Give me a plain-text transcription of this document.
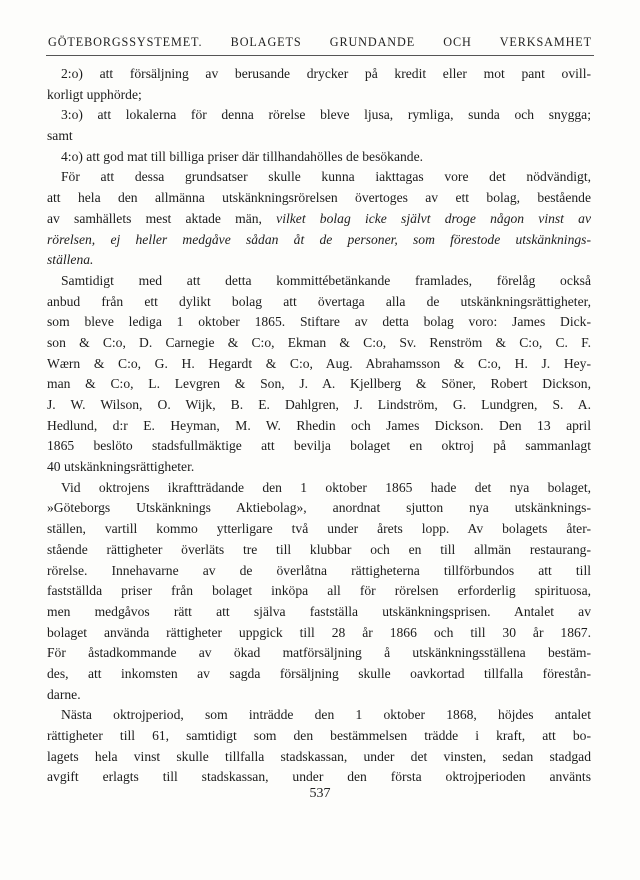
GÖTEBORGSSYSTEMET. BOLAGETS GRUNDANDE OCH VERKSAMHET
2:o) att försäljning av berusande drycker på kredit eller mot pant ovill-
korligt upphörde;
3:o) att lokalerna för denna rörelse bleve ljusa, rymliga, sunda och snygga;
samt
4:o) att god mat till billiga priser där tillhandahölles de besökande.
För att dessa grundsatser skulle kunna iakttagas vore det nödvändigt,
att hela den allmänna utskänkningsrörelsen övertoges av ett bolag, bestående
av samhällets mest aktade män, vilket bolag icke självt droge någon vinst av
rörelsen, ej heller medgåve sådan åt de personer, som förestode utskänknings-
ställena.
Samtidigt med att detta kommittébetänkande framlades, förelåg också
anbud från ett dylikt bolag att övertaga alla de utskänkningsrättigheter,
som bleve lediga 1 oktober 1865. Stiftare av detta bolag voro: James Dick-
son & C:o, D. Carnegie & C:o, Ekman & C:o, Sv. Renström & C:o, C. F.
Wærn & C:o, G. H. Hegardt & C:o, Aug. Abrahamsson & C:o, H. J. Hey-
man & C:o, L. Levgren & Son, J. A. Kjellberg & Söner, Robert Dickson,
J. W. Wilson, O. Wijk, B. E. Dahlgren, J. Lindström, G. Lundgren, S. A.
Hedlund, d:r E. Heyman, M. W. Rhedin och James Dickson. Den 13 april
1865 beslöto stadsfullmäktige att bevilja bolaget en oktroj på sammanlagt
40 utskänkningsrättigheter.
Vid oktrojens ikraftträdande den 1 oktober 1865 hade det nya bolaget,
»Göteborgs Utskänknings Aktiebolag», anordnat sjutton nya utskänknings-
ställen, vartill kommo ytterligare två under årets lopp. Av bolagets åter-
stående rättigheter överläts tre till klubbar och en till allmän restaurang-
rörelse. Innehavarne av de överlåtna rättigheterna tillförbundos att till
fastställda priser från bolaget inköpa all för rörelsen erforderlig spirituosa,
men medgåvos rätt att själva fastställa utskänkningsprisen. Antalet av
bolaget använda rättigheter uppgick till 28 år 1866 och till 30 år 1867.
För åstadkommande av ökad matförsäljning å utskänkningsställena bestäm-
des, att inkomsten av sagda försäljning skulle oavkortad tillfalla förestån-
darne.
Nästa oktrojperiod, som inträdde den 1 oktober 1868, höjdes antalet
rättigheter till 61, samtidigt som den bestämmelsen trädde i kraft, att bo-
lagets hela vinst skulle tillfalla stadskassan, under det vinsten, sedan stadgad
avgift erlagts till stadskassan, under den första oktrojperioden använts
537
